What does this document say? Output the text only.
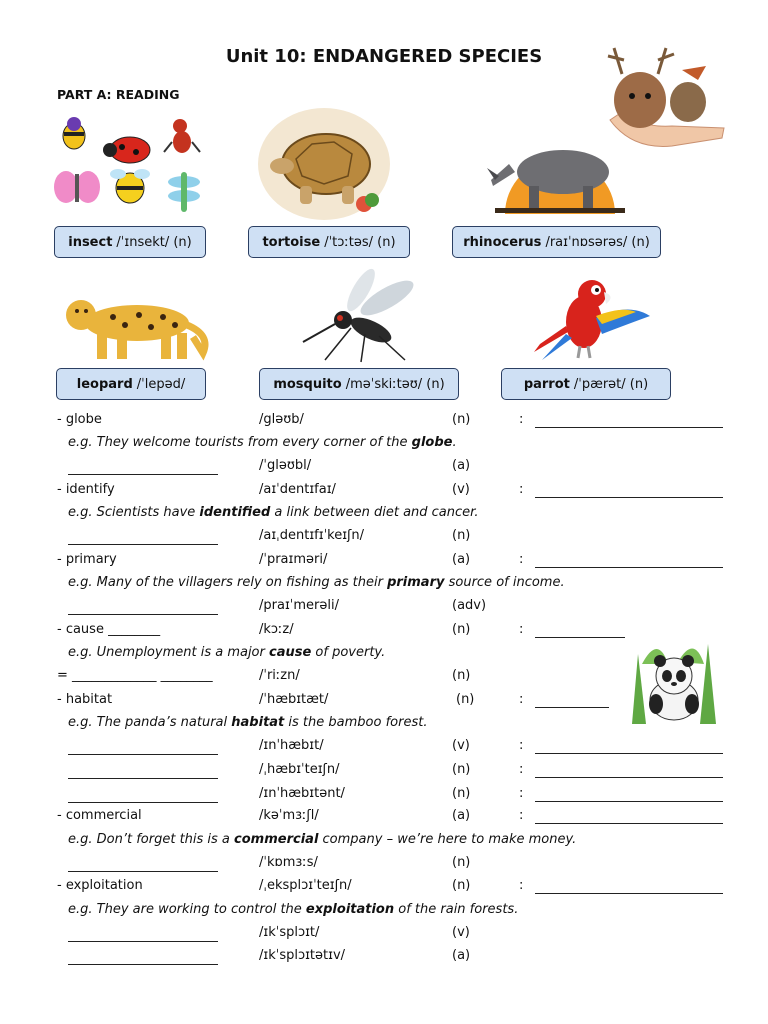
Unit 10: ENDANGERED SPECIES
PART A: READING
insect /ˈɪnsekt/ (n)	tortoise /ˈtɔːtəs/ (n)	rhinocerus /raɪˈnɒsərəs/ (n)
leopard /ˈlepəd/	mosquito /məˈskiːtəʊ/ (n)	parrot /ˈpærət/ (n)
- globe	/gləʊb/	(n)	:
e.g. They welcome tourists from every corner of the globe.
/ˈgləʊbl/	(a)
- identify	/aɪˈdentɪfaɪ/	(v)	:
e.g. Scientists have identified a link between diet and cancer.
/aɪˌdentɪfɪˈkeɪʃn/	(n)
- primary	/ˈpraɪməri/	(a)	:
e.g. Many of the villagers rely on fishing as their primary source of income.
/praɪˈmerəli/	(adv)
- cause ________	/kɔːz/	(n)	:
e.g. Unemployment is a major cause of poverty.
= _____________ ________	/ˈriːzn/	(n)
- habitat	/ˈhæbɪtæt/	(n)	:
e.g. The panda’s natural habitat is the bamboo forest.
/ɪnˈhæbɪt/	(v)	:
/ˌhæbɪˈteɪʃn/	(n)	:
/ɪnˈhæbɪtənt/	(n)	:
- commercial	/kəˈmɜːʃl/	(a)	:
e.g. Don’t forget this is a commercial company – we’re here to make money.
/ˈkɒmɜːs/	(n)
- exploitation	/ˌeksplɔɪˈteɪʃn/	(n)	:
e.g. They are working to control the exploitation of the rain forests.
/ɪkˈsplɔɪt/	(v)
/ɪkˈsplɔɪtətɪv/	(a)
